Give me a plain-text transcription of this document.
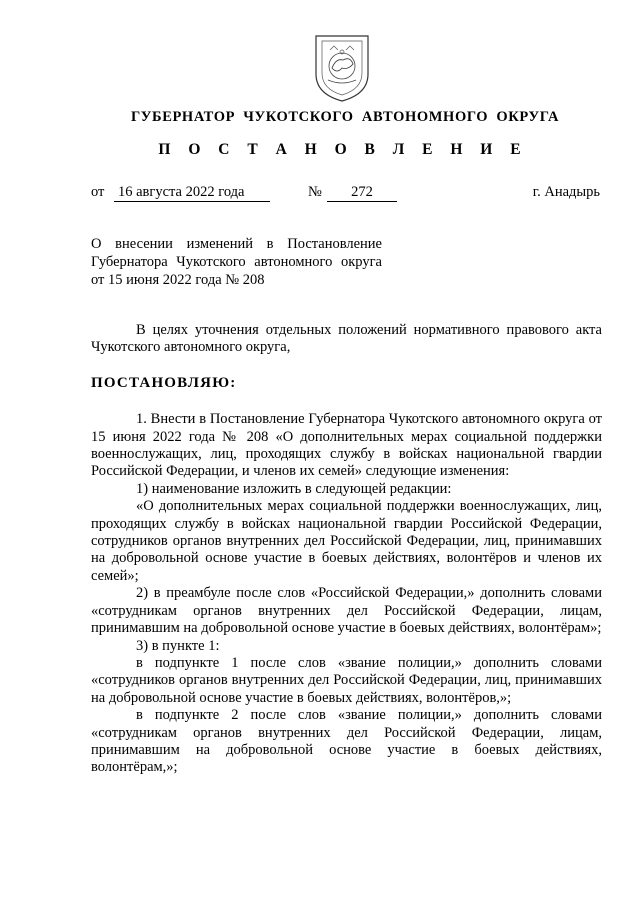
ГУБЕРНАТОР ЧУКОТСКОГО АВТОНОМНОГО ОКРУГА
П О С Т А Н О В Л Е Н И Е
от 16 августа 2022 года	№	272	г. Анадырь
О внесении изменений в Постановление
Губернатора Чукотского автономного округа
от 15 июня 2022 года № 208

В целях уточнения отдельных положений нормативного правового акта Чукотского автономного округа,

ПОСТАНОВЛЯЮ:

1. Внести в Постановление Губернатора Чукотского автономного округа от 15 июня 2022 года № 208 «О дополнительных мерах социальной поддержки военнослужащих, лиц, проходящих службу в войсках национальной гвардии Российской Федерации, и членов их семей» следующие изменения:

1) наименование изложить в следующей редакции:

«О дополнительных мерах социальной поддержки военнослужащих, лиц, проходящих службу в войсках национальной гвардии Российской Федерации, сотрудников органов внутренних дел Российской Федерации, лиц, принимавших на добровольной основе участие в боевых действиях, волонтёров и членов их семей»;

2) в преамбуле после слов «Российской Федерации,» дополнить словами «сотрудникам органов внутренних дел Российской Федерации, лицам, принимавшим на добровольной основе участие в боевых действиях, волонтёрам»;

3) в пункте 1:

в подпункте 1 после слов «звание полиции,» дополнить словами «сотрудников органов внутренних дел Российской Федерации, лиц, принимавших на добровольной основе участие в боевых действиях, волонтёров,»;

в подпункте 2 после слов «звание полиции,» дополнить словами «сотрудникам органов внутренних дел Российской Федерации, лицам, принимавшим на добровольной основе участие в боевых действиях, волонтёрам,»;
